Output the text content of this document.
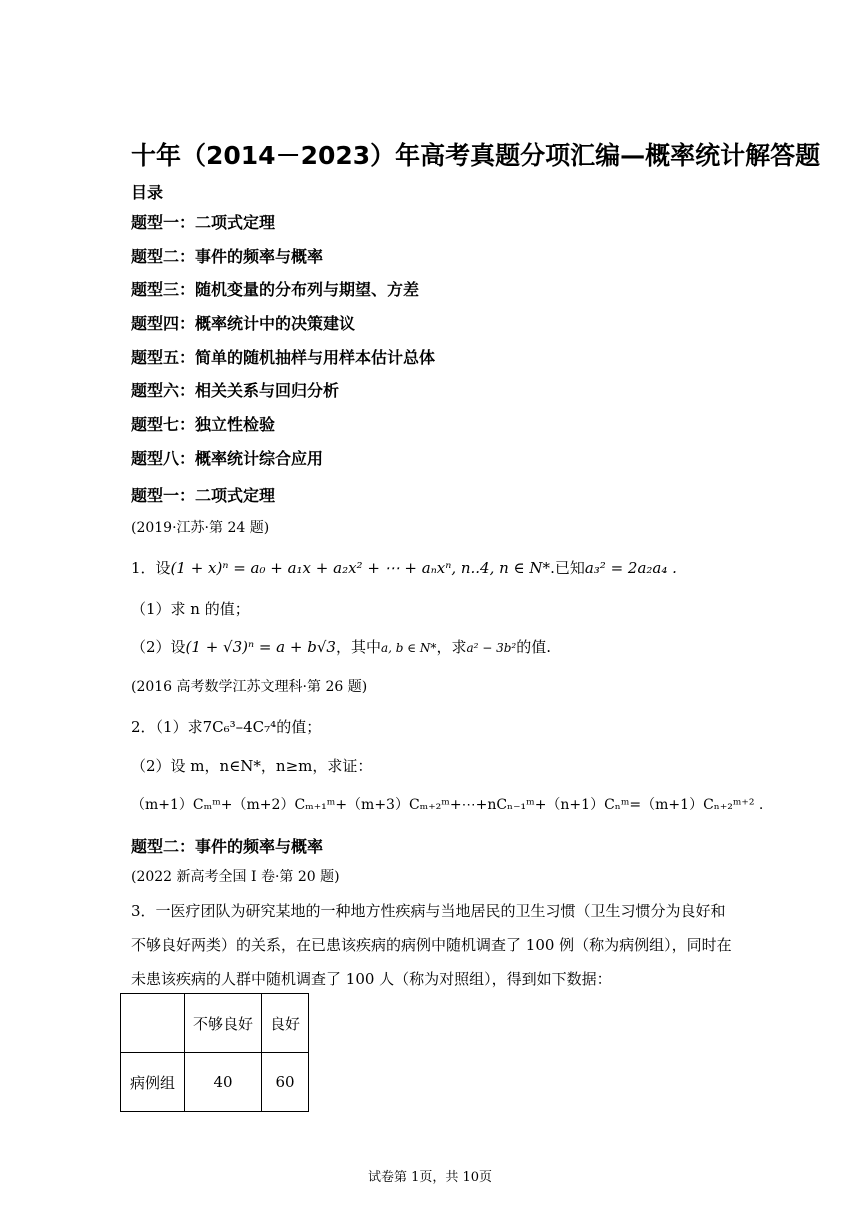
十年（2014－2023）年高考真题分项汇编—概率统计解答题
目录
题型一：二项式定理
题型二：事件的频率与概率
题型三：随机变量的分布列与期望、方差
题型四：概率统计中的决策建议
题型五：简单的随机抽样与用样本估计总体
题型六：相关关系与回归分析
题型七：独立性检验
题型八：概率统计综合应用
题型一：二项式定理
(2019·江苏·第 24 题)
1．设(1 + x)ⁿ = a₀ + a₁x + a₂x² + ⋯ + aₙxⁿ, n..4, n ∈ N*.已知a₃² = 2a₂a₄ .
（1）求 n 的值；
（2）设(1 + √3)ⁿ = a + b√3，其中a, b ∈ N*，求a² − 3b²的值.
(2016 高考数学江苏文理科·第 26 题)
2．（1）求7C₆³–4C₇⁴的值；
（2）设 m，n∈N*，n≥m，求证：
（m+1）Cₘᵐ+（m+2）Cₘ₊₁ᵐ+（m+3）Cₘ₊₂ᵐ+⋯+nCₙ₋₁ᵐ+（n+1）Cₙᵐ=（m+1）Cₙ₊₂ᵐ⁺² .
题型二：事件的频率与概率
(2022 新高考全国 I 卷·第 20 题)
3．一医疗团队为研究某地的一种地方性疾病与当地居民的卫生习惯（卫生习惯分为良好和
不够良好两类）的关系，在已患该疾病的病例中随机调查了 100 例（称为病例组），同时在
未患该疾病的人群中随机调查了 100 人（称为对照组），得到如下数据：
	不够良好	良好
病例组	40	60
试卷第 1页，共 10页
